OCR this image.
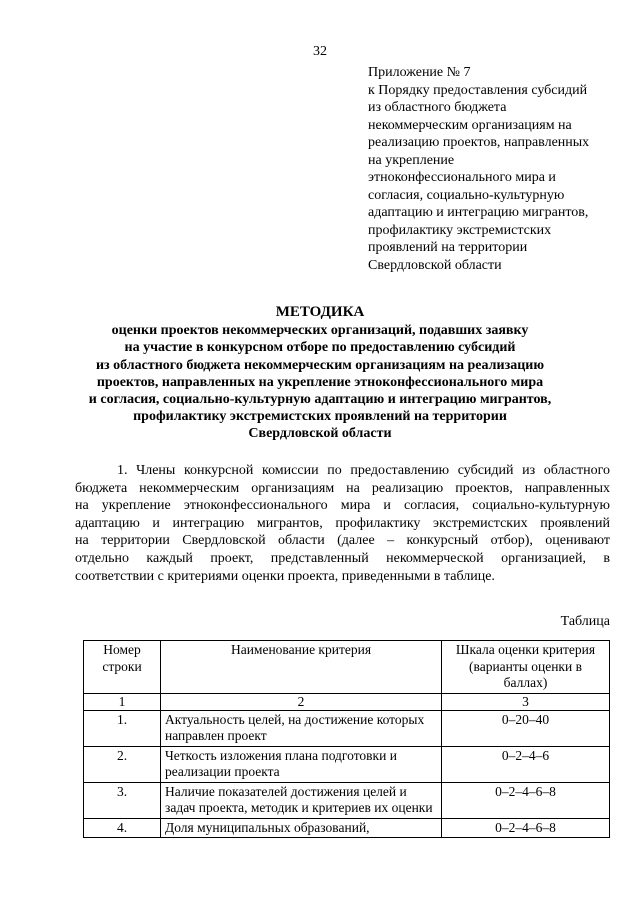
32
Приложение № 7
к Порядку предоставления субсидий
из областного бюджета
некоммерческим организациям на
реализацию проектов, направленных
на укрепление
этноконфессионального мира и
согласия, социально-культурную
адаптацию и интеграцию мигрантов,
профилактику экстремистских
проявлений на территории
Свердловской области
МЕТОДИКА
оценки проектов некоммерческих организаций, подавших заявку
на участие в конкурсном отборе по предоставлению субсидий
из областного бюджета некоммерческим организациям на реализацию
проектов, направленных на укрепление этноконфессионального мира
и согласия, социально-культурную адаптацию и интеграцию мигрантов,
профилактику экстремистских проявлений на территории
Свердловской области
1. Члены конкурсной комиссии по предоставлению субсидий из областного
бюджета некоммерческим организациям на реализацию проектов, направленных
на укрепление этноконфессионального мира и согласия, социально-культурную
адаптацию и интеграцию мигрантов, профилактику экстремистских проявлений
на территории Свердловской области (далее – конкурсный отбор), оценивают
отдельно каждый проект, представленный некоммерческой организацией, в
соответствии с критериями оценки проекта, приведенными в таблице.
Таблица
Номер
строки	Наименование критерия	Шкала оценки критерия
(варианты оценки в
баллах)
1	2	3
1.	Актуальность целей, на достижение которых направлен проект	0–20–40
2.	Четкость изложения плана подготовки и реализации проекта	0–2–4–6
3.	Наличие показателей достижения целей и задач проекта, методик и критериев их оценки	0–2–4–6–8
4.	Доля муниципальных образований,	0–2–4–6–8
